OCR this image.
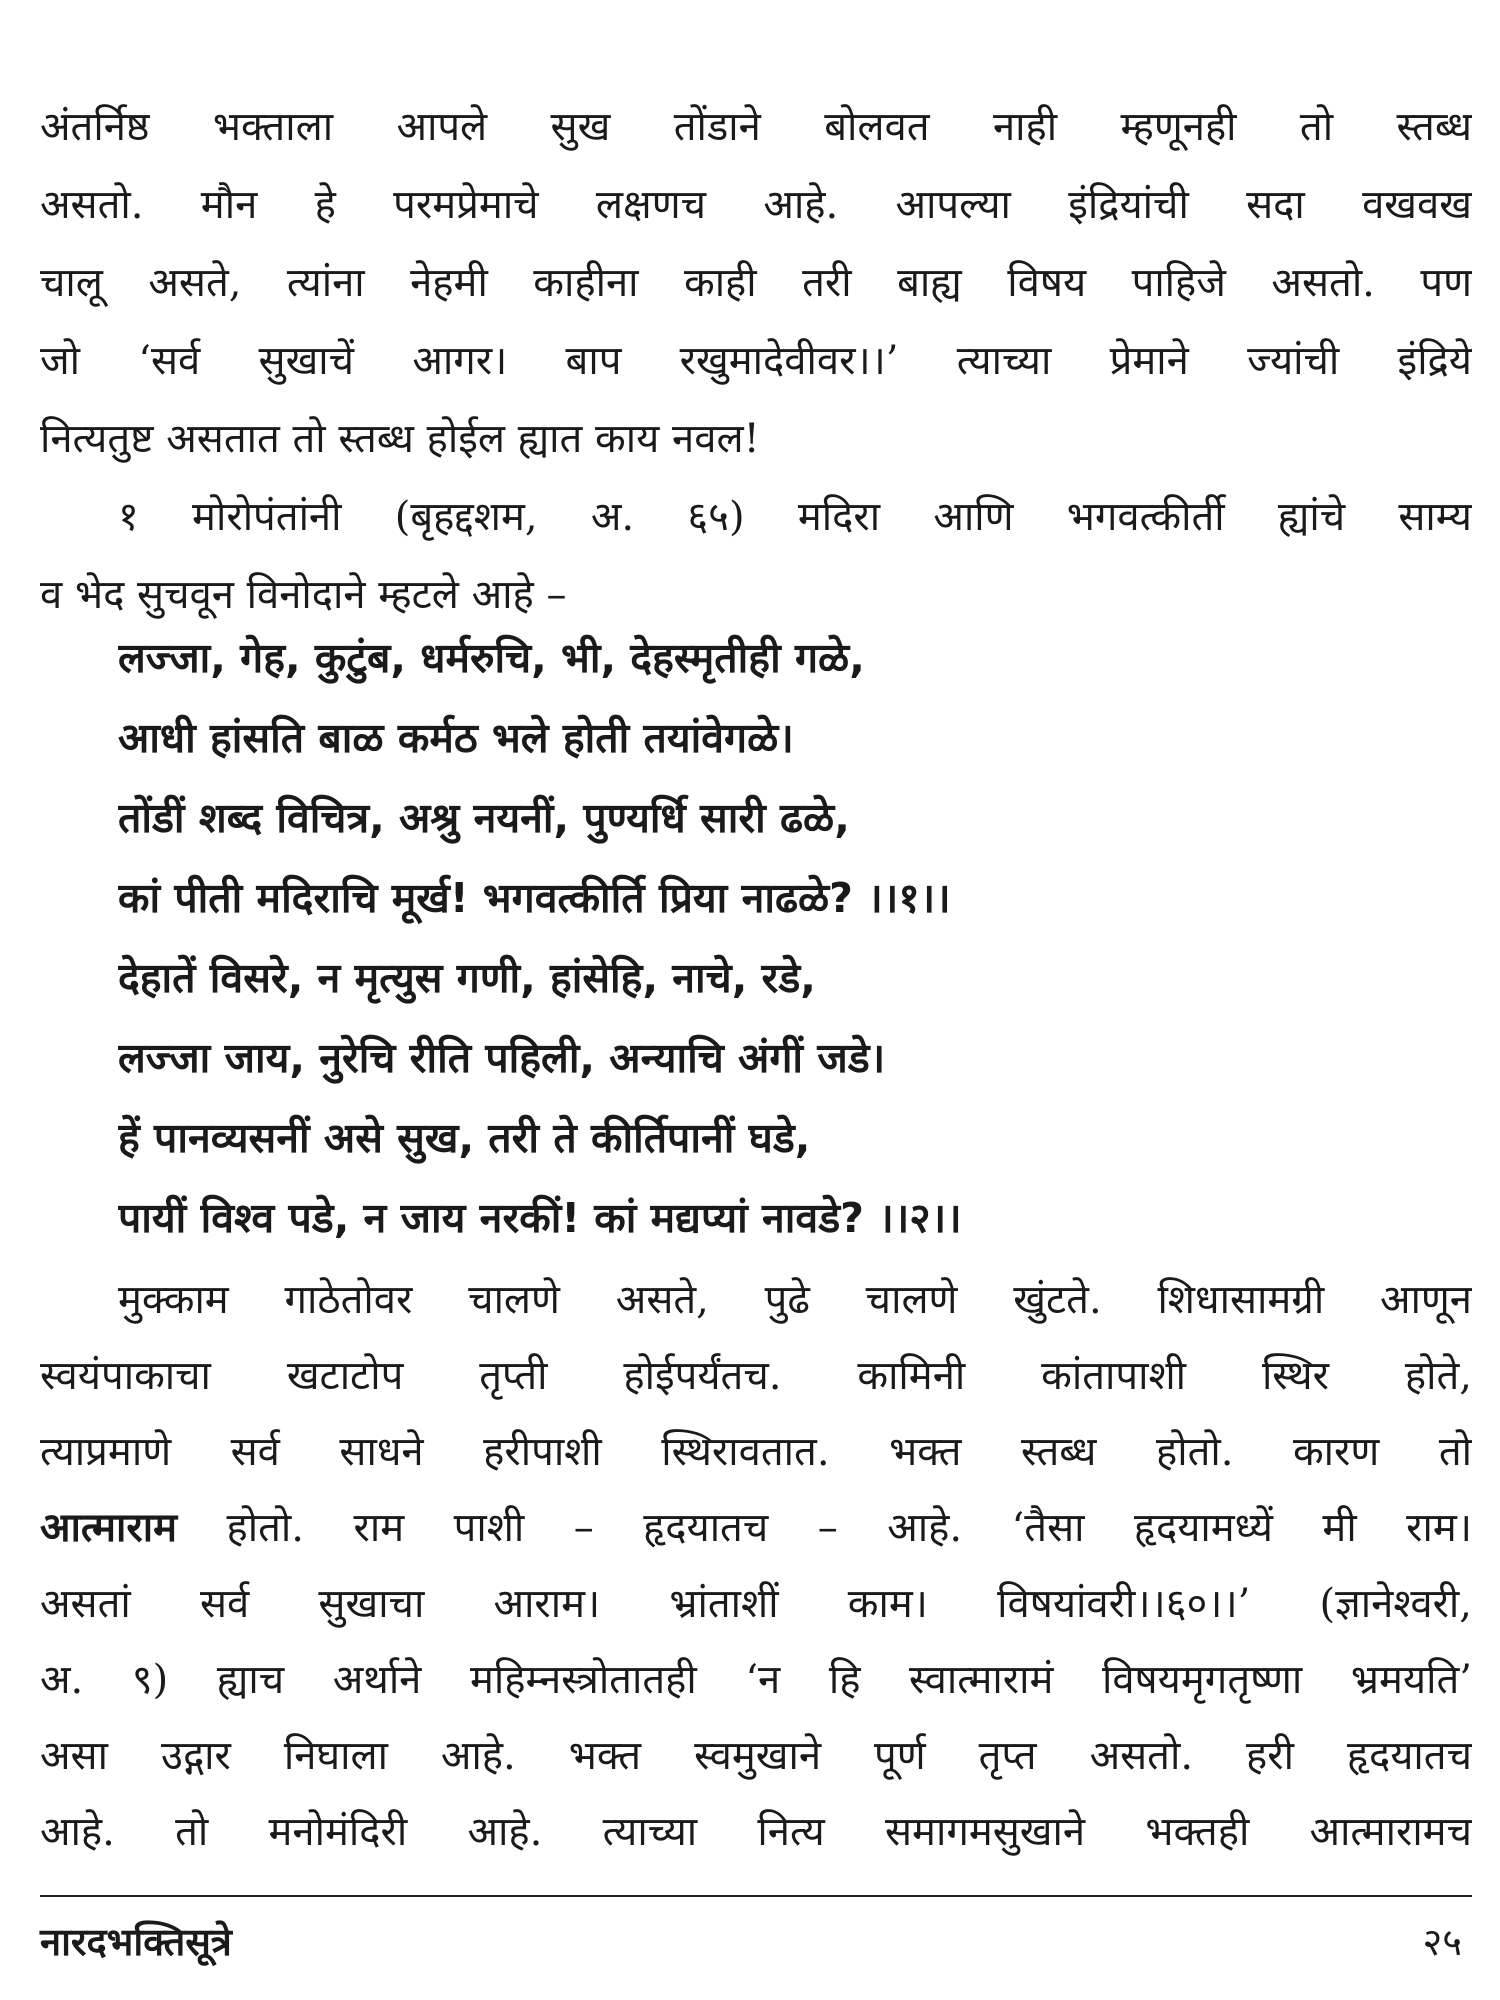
अंतर्निष्ठ भक्ताला आपले सुख तोंडाने बोलवत नाही म्हणूनही तो स्तब्ध
असतो. मौन हे परमप्रेमाचे लक्षणच आहे. आपल्या इंद्रियांची सदा वखवख
चालू असते, त्यांना नेहमी काहीना काही तरी बाह्य विषय पाहिजे असतो. पण
जो ‘सर्व सुखाचें आगर। बाप रखुमादेवीवर।।’ त्याच्या प्रेमाने ज्यांची इंद्रिये
नित्यतुष्ट असतात तो स्तब्ध होईल ह्यात काय नवल!
१ मोरोपंतांनी (बृहद्दशम, अ. ६५) मदिरा आणि भगवत्कीर्ती ह्यांचे साम्य
व भेद सुचवून विनोदाने म्हटले आहे –
लज्जा, गेह, कुटुंब, धर्मरुचि, भी, देहस्मृतीही गळे,
आधी हांसति बाळ कर्मठ भले होती तयांवेगळे।
तोंडीं शब्द विचित्र, अश्रु नयनीं, पुण्यर्धि सारी ढळे,
कां पीती मदिराचि मूर्ख! भगवत्कीर्ति प्रिया नाढळे? ।।१।।
देहातें विसरे, न मृत्युस गणी, हांसेहि, नाचे, रडे,
लज्जा जाय, नुरेचि रीति पहिली, अन्याचि अंगीं जडे।
हें पानव्यसनीं असे सुख, तरी ते कीर्तिपानीं घडे,
पायीं विश्व पडे, न जाय नरकीं! कां मद्यप्यां नावडे? ।।२।।
मुक्काम गाठेतोवर चालणे असते, पुढे चालणे खुंटते. शिधासामग्री आणून
स्वयंपाकाचा खटाटोप तृप्ती होईपर्यंतच. कामिनी कांतापाशी स्थिर होते,
त्याप्रमाणे सर्व साधने हरीपाशी स्थिरावतात. भक्त स्तब्ध होतो. कारण तो
आत्माराम होतो. राम पाशी – हृदयातच – आहे. ‘तैसा हृदयामध्यें मी राम।
असतां सर्व सुखाचा आराम। भ्रांताशीं काम। विषयांवरी।।६०।।’ (ज्ञानेश्वरी,
अ. ९) ह्याच अर्थाने महिम्नस्त्रोतातही ‘न हि स्वात्मारामं विषयमृगतृष्णा भ्रमयति’
असा उद्गार निघाला आहे. भक्त स्वमुखाने पूर्ण तृप्त असतो. हरी हृदयातच
आहे. तो मनोमंदिरी आहे. त्याच्या नित्य समागमसुखाने भक्तही आत्मारामच
नारदभक्तिसूत्रे	२५
